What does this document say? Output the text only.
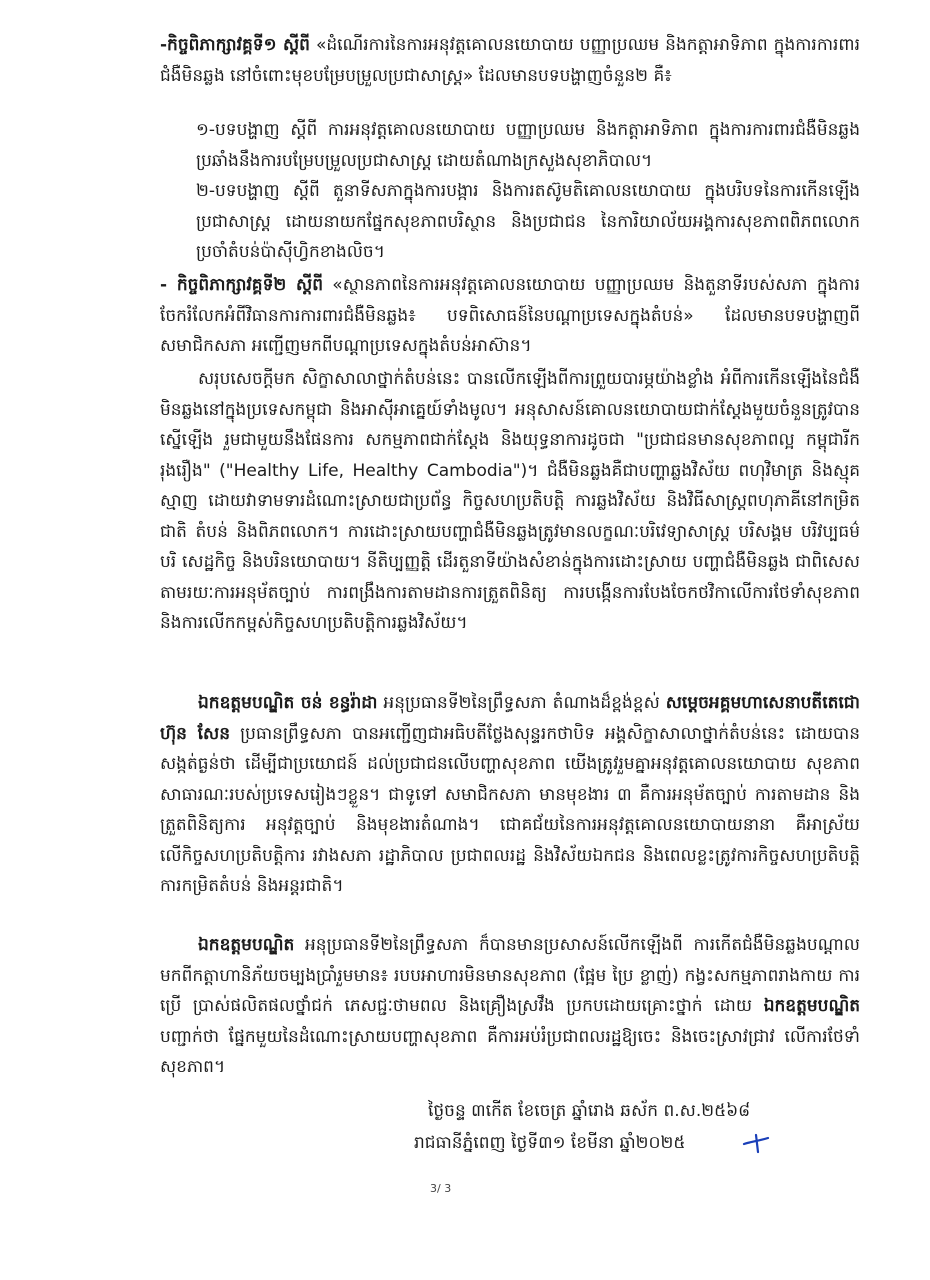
-កិច្ចពិភាក្សាវគ្គទី១ ស្តីពី «ដំណើរការនៃការអនុវត្តគោលនយោបាយ បញ្ញាប្រឈម និងកត្តាអាទិភាព ក្នុងការការពារជំងឺមិនឆ្លង នៅចំពោះមុខបម្រែបម្រួលប្រជាសាស្ត្រ» ដែលមានបទបង្ហាញចំនួន២ គឺ៖
១-បទបង្ហាញ ស្តីពី ការអនុវត្តគោលនយោបាយ បញ្ញាប្រឈម និងកត្តាអាទិភាព ក្នុងការការពារជំងឺមិនឆ្លង ប្រឆាំងនឹងការបម្រែបម្រួលប្រជាសាស្ត្រ ដោយតំណាងក្រសួងសុខាភិបាល។
២-បទបង្ហាញ ស្តីពី តួនាទីសភាក្នុងការបង្ការ និងការតស៊ូមតិគោលនយោបាយ ក្នុងបរិបទនៃការកើនឡើងប្រជាសាស្ត្រ ដោយនាយកផ្នែកសុខភាពបរិស្ថាន និងប្រជាជន នៃការិយាល័យអង្គការសុខភាពពិភពលោកប្រចាំតំបន់ប៉ាស៊ីហ្វិកខាងលិច។
- កិច្ចពិភាក្សាវគ្គទី២ ស្តីពី «ស្ថានភាពនៃការអនុវត្តគោលនយោបាយ បញ្ញាប្រឈម និងតួនាទីរបស់សភា ក្នុងការចែករំលែកអំពីវិធានការការពារជំងឺមិនឆ្លង៖ បទពិសោធន៍នៃបណ្តាប្រទេសក្នុងតំបន់» ដែលមានបទបង្ហាញពីសមាជិកសភា អញ្ជើញមកពីបណ្តាប្រទេសក្នុងតំបន់អាស៊ាន។
សរុបសេចក្តីមក សិក្ខាសាលាថ្នាក់តំបន់នេះ បានលើកឡើងពីការព្រួយបារម្ភយ៉ាងខ្លាំង អំពីការកើនឡើងនៃជំងឺមិនឆ្លងនៅក្នុងប្រទេសកម្ពុជា និងអាស៊ីអាគ្នេយ៍ទាំងមូល។ អនុសាសន៍គោលនយោបាយជាក់ស្តែងមួយចំនួនត្រូវបានស្នើឡើង រួមជាមួយនឹងផែនការ សកម្មភាពជាក់ស្តែង និងយុទ្ធនាការដូចជា "ប្រជាជនមានសុខភាពល្អ កម្ពុជារីករុងរឿង" ("Healthy Life, Healthy Cambodia")។ ជំងឺមិនឆ្លងគឺជាបញ្ហាឆ្លងវិស័យ ពហុវិមាត្រ និងស្មុគស្មាញ ដោយវាទាមទារដំណោះស្រាយជាប្រព័ន្ធ កិច្ចសហប្រតិបត្តិ ការឆ្លងវិស័យ និងវិធីសាស្ត្រពហុភាគីនៅកម្រិតជាតិ តំបន់ និងពិភពលោក។ ការដោះស្រាយបញ្ហាជំងឺមិនឆ្លងត្រូវមានលក្ខណៈបរិវេទ្យាសាស្ត្រ បរិសង្គម បរិវប្បធម៌ បរិ សេដ្ឋកិច្ច និងបរិនយោបាយ។ នីតិប្បញ្ញត្តិ ដើរតួនាទីយ៉ាងសំខាន់ក្នុងការដោះស្រាយ បញ្ហាជំងឺមិនឆ្លង ជាពិសេសតាមរយៈការអនុម័តច្បាប់ ការពង្រឹងការតាមដានការត្រួតពិនិត្យ ការបង្កើនការបែងចែកថវិកាលើការថែទាំសុខភាព និងការលើកកម្ពស់កិច្ចសហប្រតិបត្តិការឆ្លងវិស័យ។
ឯកឧត្តមបណ្ឌិត ចន់ ខន្ធរ៉ាដា អនុប្រធានទី២នៃព្រឹទ្ធសភា តំណាងដ៏ខ្ពង់ខ្ពស់ សម្តេចអគ្គមហាសេនាបតីតេជោ ហ៊ុន សែន ប្រធានព្រឹទ្ធសភា បានអញ្ជើញជាអធិបតីថ្លែងសុន្ទរកថាបិទ អង្គសិក្ខាសាលាថ្នាក់តំបន់នេះ ដោយបានសង្កត់ធ្ងន់ថា ដើម្បីជាប្រយោជន៍ ដល់ប្រជាជនលើបញ្ហាសុខភាព យើងត្រូវរួមគ្នាអនុវត្តគោលនយោបាយ សុខភាពសាធារណៈរបស់ប្រទេសរៀងៗខ្លួន។ ជាទូទៅ សមាជិកសភា មានមុខងារ ៣ គឺការអនុម័តច្បាប់ ការតាមដាន និងត្រួតពិនិត្យការ អនុវត្តច្បាប់ និងមុខងារតំណាង។ ជោគជ័យនៃការអនុវត្តគោលនយោបាយនានា គឺអាស្រ័យលើកិច្ចសហប្រតិបត្តិការ រវាងសភា រដ្ឋាភិបាល ប្រជាពលរដ្ឋ និងវិស័យឯកជន និងពេលខ្លះត្រូវការកិច្ចសហប្រតិបត្តិការកម្រិតតំបន់ និងអន្តរជាតិ។
ឯកឧត្តមបណ្ឌិត អនុប្រធានទី២នៃព្រឹទ្ធសភា ក៏បានមានប្រសាសន៍លើកឡើងពី ការកើតជំងឺមិនឆ្លងបណ្តាលមកពីកត្តាហានិភ័យចម្បងប្រាំរួមមាន៖ របបអាហារមិនមានសុខភាព (ផ្អែម ប្រៃ ខ្លាញ់) កង្វះសកម្មភាពរាងកាយ ការប្រើ ប្រាស់ផលិតផលថ្នាំជក់ ភេសជ្ជៈថាមពល និងគ្រឿងស្រវឹង ប្រកបដោយគ្រោះថ្នាក់ ដោយ ឯកឧត្តមបណ្ឌិត បញ្ជាក់ថា ផ្នែកមួយនៃដំណោះស្រាយបញ្ហាសុខភាព គឺការអប់រំប្រជាពលរដ្ឋឱ្យចេះ និងចេះស្រាវជ្រាវ លើការថែទាំសុខភាព។
ថ្ងៃចន្ទ ៣កើត ខែចេត្រ ឆ្នាំរោង ឆស័ក ព.ស.២៥៦៨
រាជធានីភ្នំពេញ ថ្ងៃទី៣១ ខែមីនា ឆ្នាំ២០២៥
3/ 3
